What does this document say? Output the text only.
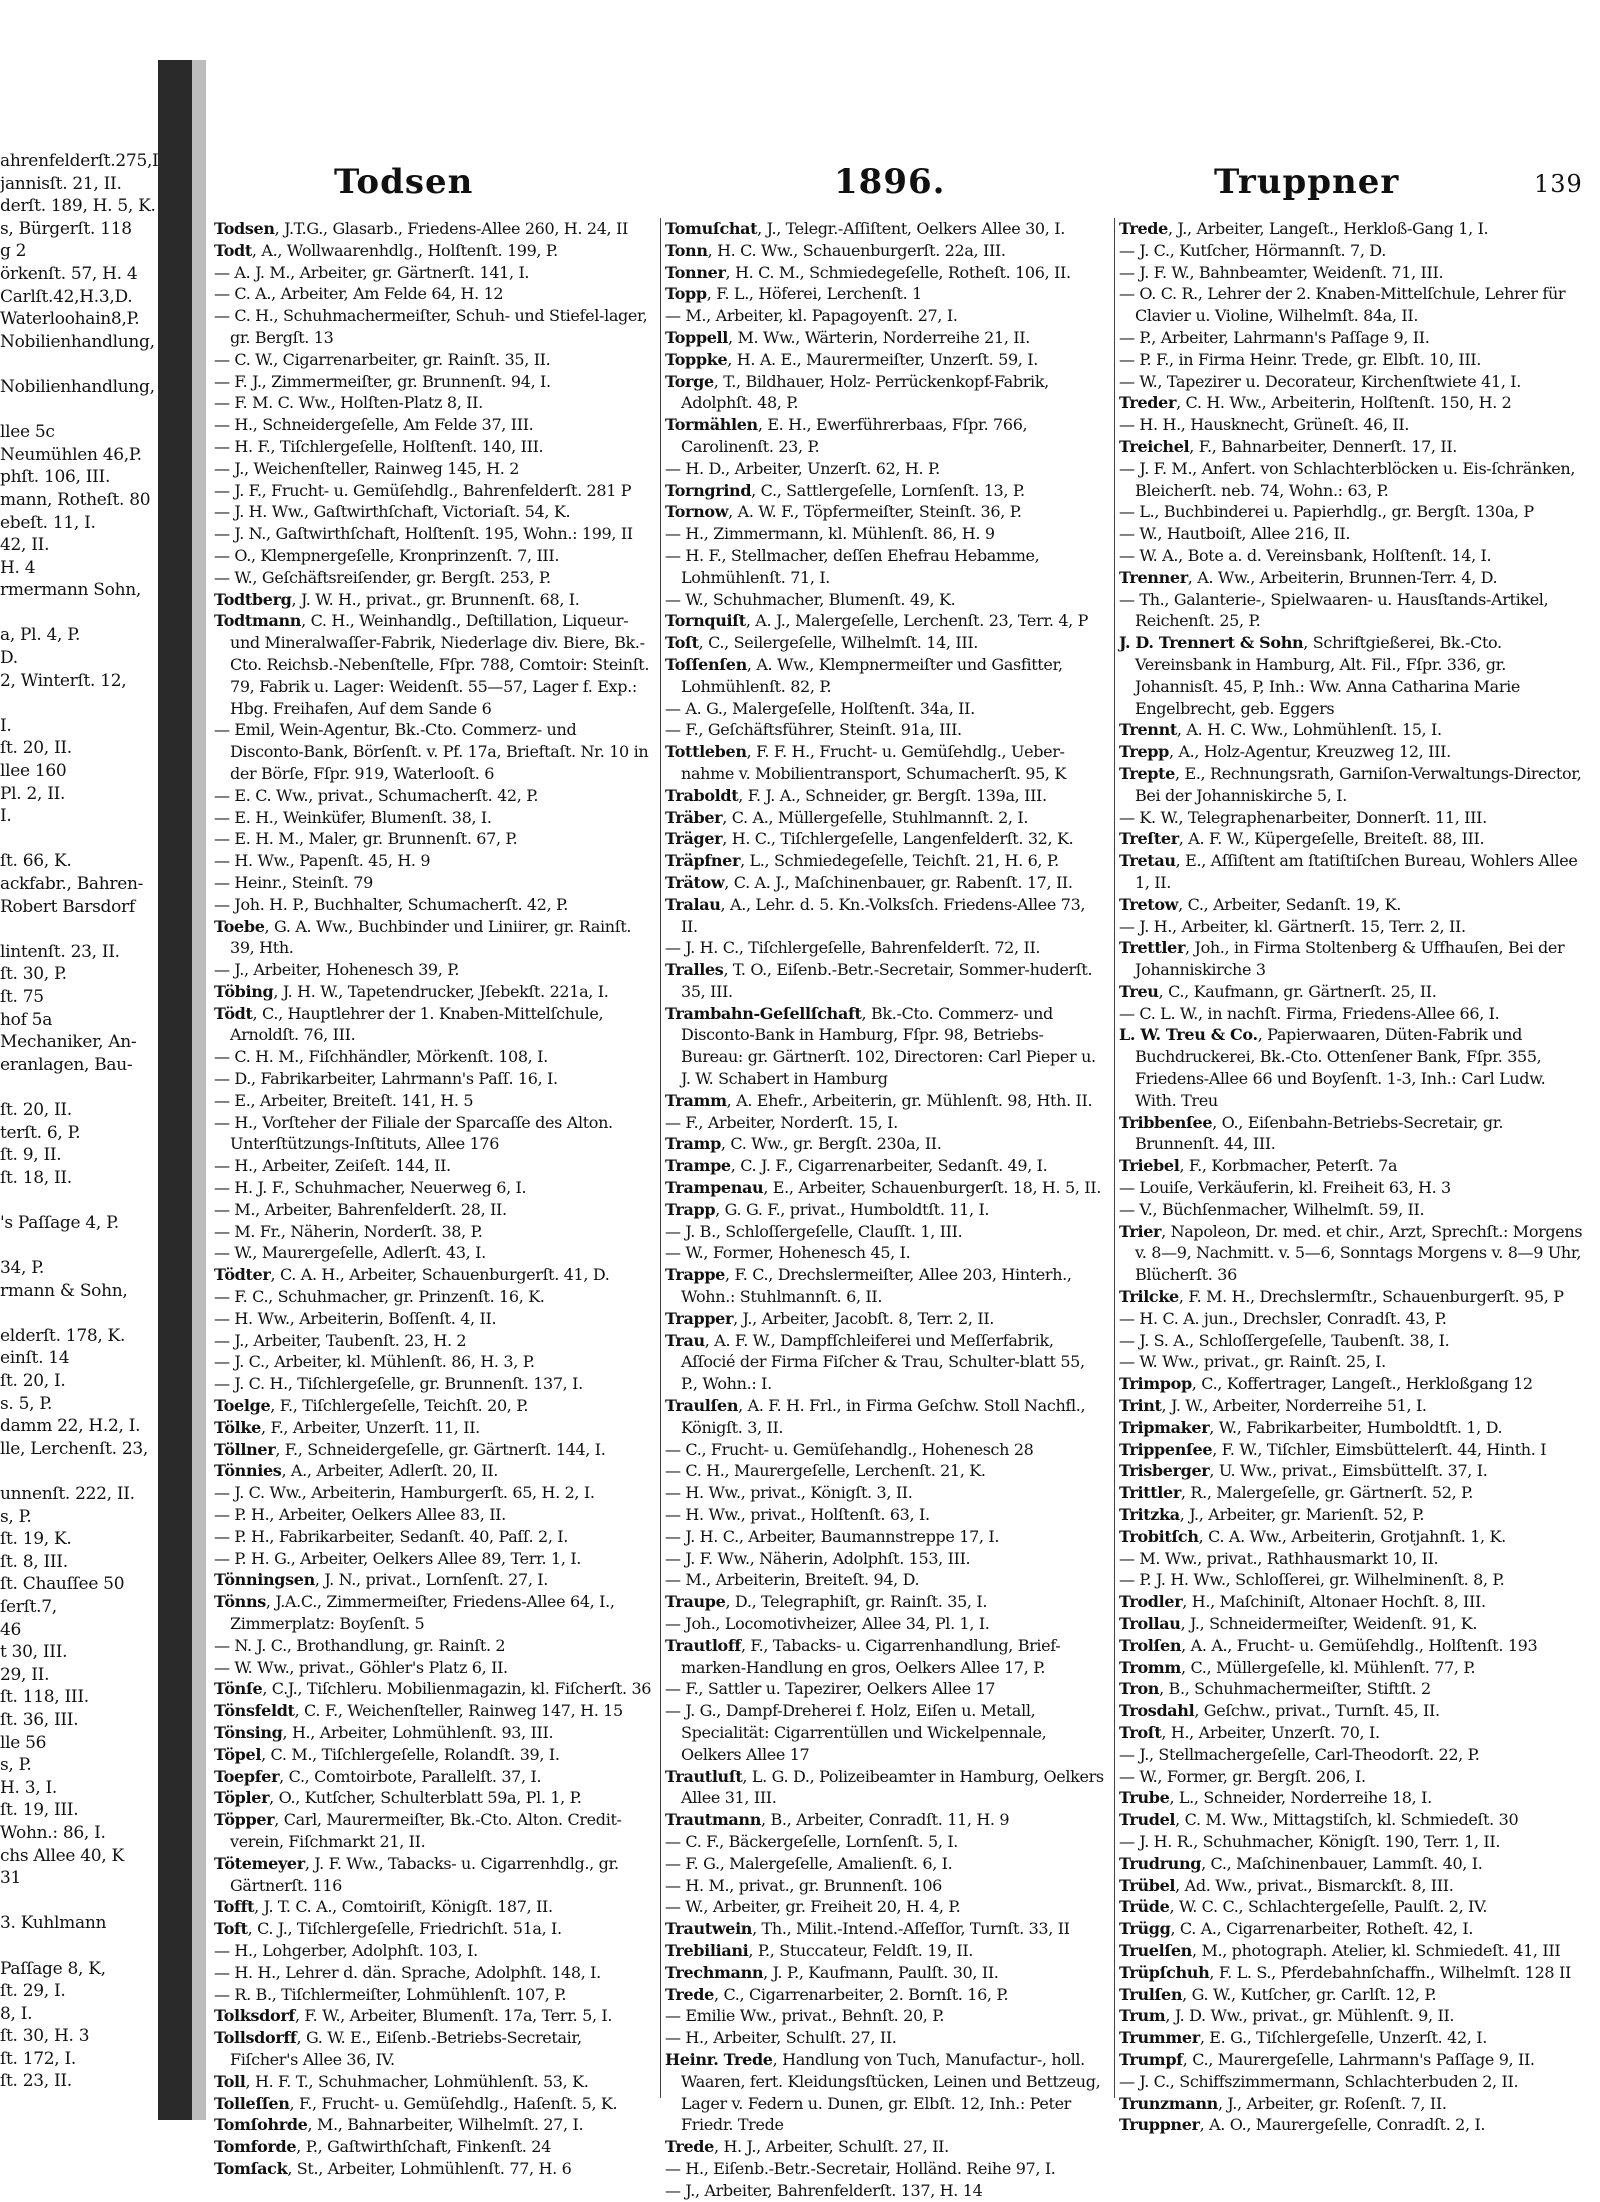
ahrenfelderſt.275,I
jannisſt. 21, II.
derſt. 189, H. 5, K.
s, Bürgerſt. 118
g 2
örkenſt. 57, H. 4
Carlſt.42,H.3,D.
Waterloohain8,P.
Nobilienhandlung,
Nobilienhandlung,
llee 5c
Neumühlen 46,P.
phſt. 106, III.
mann, Rotheſt. 80
ebeſt. 11, I.
42, II.
H. 4
rmermann Sohn,
a, Pl. 4, P.
D.
2, Winterſt. 12,
I.
ſt. 20, II.
llee 160
Pl. 2, II.
I.
ſt. 66, K.
ackfabr., Bahren-
Robert Barsdorf
lintenſt. 23, II.
ſt. 30, P.
ſt. 75
hof 5a
Mechaniker, An-
eranlagen, Bau-
ſt. 20, II.
terſt. 6, P.
ſt. 9, II.
ſt. 18, II.
's Paſſage 4, P.
34, P.
rmann & Sohn,
elderſt. 178, K.
einſt. 14
ſt. 20, I.
s. 5, P.
damm 22, H.2, I.
lle, Lerchenſt. 23,
unnenſt. 222, II.
s, P.
ſt. 19, K.
ſt. 8, III.
ſt. Chauſſee 50
ſerſt.7,
46
t 30, III.
29, II.
ſt. 118, III.
ſt. 36, III.
lle 56
s, P.
H. 3, I.
ſt. 19, III.
Wohn.: 86, I.
chs Allee 40, K
31
3. Kuhlmann
Paſſage 8, K,
ſt. 29, I.
8, I.
ſt. 30, H. 3
ſt. 172, I.
ſt. 23, II.
Todsen	1896.	Truppner	139

Todsen, J.T.G., Glasarb., Friedens-Allee 260, H. 24, II

Todt, A., Wollwaarenhdlg., Holſtenſt. 199, P.

— A. J. M., Arbeiter, gr. Gärtnerſt. 141, I.

— C. A., Arbeiter, Am Felde 64, H. 12

— C. H., Schuhmachermeiſter, Schuh- und Stiefel-lager, gr. Bergſt. 13

— C. W., Cigarrenarbeiter, gr. Rainſt. 35, II.

— F. J., Zimmermeiſter, gr. Brunnenſt. 94, I.

— F. M. C. Ww., Holſten-Platz 8, II.

— H., Schneidergeſelle, Am Felde 37, III.

— H. F., Tiſchlergeſelle, Holſtenſt. 140, III.

— J., Weichenſteller, Rainweg 145, H. 2

— J. F., Frucht- u. Gemüſehdlg., Bahrenfelderſt. 281 P

— J. H. Ww., Gaſtwirthſchaft, Victoriaſt. 54, K.

— J. N., Gaſtwirthſchaft, Holſtenſt. 195, Wohn.: 199, II

— O., Klempnergeſelle, Kronprinzenſt. 7, III.

— W., Geſchäftsreiſender, gr. Bergſt. 253, P.

Todtberg, J. W. H., privat., gr. Brunnenſt. 68, I.

Todtmann, C. H., Weinhandlg., Deſtillation, Liqueur- und Mineralwaſſer-Fabrik, Niederlage div. Biere, Bk.-Cto. Reichsb.-Nebenſtelle, Fſpr. 788, Comtoir: Steinſt. 79, Fabrik u. Lager: Weidenſt. 55—57, Lager f. Exp.: Hbg. Freihafen, Auf dem Sande 6

— Emil, Wein-Agentur, Bk.-Cto. Commerz- und Disconto-Bank, Börſenſt. v. Pf. 17a, Brieftaſt. Nr. 10 in der Börſe, Fſpr. 919, Waterlooſt. 6

— E. C. Ww., privat., Schumacherſt. 42, P.

— E. H., Weinküfer, Blumenſt. 38, I.

— E. H. M., Maler, gr. Brunnenſt. 67, P.

— H. Ww., Papenſt. 45, H. 9

— Heinr., Steinſt. 79

— Joh. H. P., Buchhalter, Schumacherſt. 42, P.

Toebe, G. A. Ww., Buchbinder und Liniirer, gr. Rainſt. 39, Hth.

— J., Arbeiter, Hohenesch 39, P.

Töbing, J. H. W., Tapetendrucker, Jſebekſt. 221a, I.

Tödt, C., Hauptlehrer der 1. Knaben-Mittelſchule, Arnoldſt. 76, III.

— C. H. M., Fiſchhändler, Mörkenſt. 108, I.

— D., Fabrikarbeiter, Lahrmann's Paſſ. 16, I.

— E., Arbeiter, Breiteſt. 141, H. 5

— H., Vorſteher der Filiale der Sparcaſſe des Alton. Unterſtützungs-Inſtituts, Allee 176

— H., Arbeiter, Zeiſeſt. 144, II.

— H. J. F., Schuhmacher, Neuerweg 6, I.

— M., Arbeiter, Bahrenfelderſt. 28, II.

— M. Fr., Näherin, Norderſt. 38, P.

— W., Maurergeſelle, Adlerſt. 43, I.

Tödter, C. A. H., Arbeiter, Schauenburgerſt. 41, D.

— F. C., Schuhmacher, gr. Prinzenſt. 16, K.

— H. Ww., Arbeiterin, Boſſenſt. 4, II.

— J., Arbeiter, Taubenſt. 23, H. 2

— J. C., Arbeiter, kl. Mühlenſt. 86, H. 3, P.

— J. C. H., Tiſchlergeſelle, gr. Brunnenſt. 137, I.

Toelge, F., Tiſchlergeſelle, Teichſt. 20, P.

Tölke, F., Arbeiter, Unzerſt. 11, II.

Töllner, F., Schneidergeſelle, gr. Gärtnerſt. 144, I.

Tönnies, A., Arbeiter, Adlerſt. 20, II.

— J. C. Ww., Arbeiterin, Hamburgerſt. 65, H. 2, I.

— P. H., Arbeiter, Oelkers Allee 83, II.

— P. H., Fabrikarbeiter, Sedanſt. 40, Paſſ. 2, I.

— P. H. G., Arbeiter, Oelkers Allee 89, Terr. 1, I.

Tönningsen, J. N., privat., Lornſenſt. 27, I.

Tönns, J.A.C., Zimmermeiſter, Friedens-Allee 64, I., Zimmerplatz: Boyſenſt. 5

— N. J. C., Brothandlung, gr. Rainſt. 2

— W. Ww., privat., Göhler's Platz 6, II.

Tönſe, C.J., Tiſchleru. Mobilienmagazin, kl. Fiſcherſt. 36

Tönsfeldt, C. F., Weichenſteller, Rainweg 147, H. 15

Tönsing, H., Arbeiter, Lohmühlenſt. 93, III.

Töpel, C. M., Tiſchlergeſelle, Rolandſt. 39, I.

Toepfer, C., Comtoirbote, Parallelſt. 37, I.

Töpler, O., Kutſcher, Schulterblatt 59a, Pl. 1, P.

Töpper, Carl, Maurermeiſter, Bk.-Cto. Alton. Credit-verein, Fiſchmarkt 21, II.

Tötemeyer, J. F. Ww., Tabacks- u. Cigarrenhdlg., gr. Gärtnerſt. 116

Tofft, J. T. C. A., Comtoiriſt, Königſt. 187, II.

Toft, C. J., Tiſchlergeſelle, Friedrichſt. 51a, I.

— H., Lohgerber, Adolphſt. 103, I.

— H. H., Lehrer d. dän. Sprache, Adolphſt. 148, I.

— R. B., Tiſchlermeiſter, Lohmühlenſt. 107, P.

Tolksdorf, F. W., Arbeiter, Blumenſt. 17a, Terr. 5, I.

Tollsdorff, G. W. E., Eiſenb.-Betriebs-Secretair, Fiſcher's Allee 36, IV.

Toll, H. F. T., Schuhmacher, Lohmühlenſt. 53, K.

Tolleſſen, F., Frucht- u. Gemüſehdlg., Haſenſt. 5, K.

Tomſohrde, M., Bahnarbeiter, Wilhelmſt. 27, I.

Tomforde, P., Gaſtwirthſchaft, Finkenſt. 24

Tomſack, St., Arbeiter, Lohmühlenſt. 77, H. 6

Tomuſchat, J., Telegr.-Aſſiſtent, Oelkers Allee 30, I.

Tonn, H. C. Ww., Schauenburgerſt. 22a, III.

Tonner, H. C. M., Schmiedegeſelle, Rotheſt. 106, II.

Topp, F. L., Höferei, Lerchenſt. 1

— M., Arbeiter, kl. Papagoyenſt. 27, I.

Toppell, M. Ww., Wärterin, Norderreihe 21, II.

Toppke, H. A. E., Maurermeiſter, Unzerſt. 59, I.

Torge, T., Bildhauer, Holz- Perrückenkopf-Fabrik, Adolphſt. 48, P.

Tormählen, E. H., Ewerführerbaas, Fſpr. 766, Carolinenſt. 23, P.

— H. D., Arbeiter, Unzerſt. 62, H. P.

Torngrind, C., Sattlergeſelle, Lornſenſt. 13, P.

Tornow, A. W. F., Töpfermeiſter, Steinſt. 36, P.

— H., Zimmermann, kl. Mühlenſt. 86, H. 9

— H. F., Stellmacher, deſſen Ehefrau Hebamme, Lohmühlenſt. 71, I.

— W., Schuhmacher, Blumenſt. 49, K.

Tornquiſt, A. J., Malergeſelle, Lerchenſt. 23, Terr. 4, P

Toſt, C., Seilergeſelle, Wilhelmſt. 14, III.

Toſſenſen, A. Ww., Klempnermeiſter und Gasfitter, Lohmühlenſt. 82, P.

— A. G., Malergeſelle, Holſtenſt. 34a, II.

— F., Geſchäftsführer, Steinſt. 91a, III.

Tottleben, F. F. H., Frucht- u. Gemüſehdlg., Ueber-nahme v. Mobilientransport, Schumacherſt. 95, K

Traboldt, F. J. A., Schneider, gr. Bergſt. 139a, III.

Träber, C. A., Müllergeſelle, Stuhlmannſt. 2, I.

Träger, H. C., Tiſchlergeſelle, Langenfelderſt. 32, K.

Träpfner, L., Schmiedegeſelle, Teichſt. 21, H. 6, P.

Trätow, C. A. J., Maſchinenbauer, gr. Rabenſt. 17, II.

Tralau, A., Lehr. d. 5. Kn.-Volksſch. Friedens-Allee 73, II.

— J. H. C., Tiſchlergeſelle, Bahrenfelderſt. 72, II.

Tralles, T. O., Eiſenb.-Betr.-Secretair, Sommer-huderſt. 35, III.

Trambahn-Geſellſchaft, Bk.-Cto. Commerz- und Disconto-Bank in Hamburg, Fſpr. 98, Betriebs-Bureau: gr. Gärtnerſt. 102, Directoren: Carl Pieper u. J. W. Schabert in Hamburg

Tramm, A. Ehefr., Arbeiterin, gr. Mühlenſt. 98, Hth. II.

— F., Arbeiter, Norderſt. 15, I.

Tramp, C. Ww., gr. Bergſt. 230a, II.

Trampe, C. J. F., Cigarrenarbeiter, Sedanſt. 49, I.

Trampenau, E., Arbeiter, Schauenburgerſt. 18, H. 5, II.

Trapp, G. G. F., privat., Humboldtſt. 11, I.

— J. B., Schloſſergeſelle, Clauſſt. 1, III.

— W., Former, Hohenesch 45, I.

Trappe, F. C., Drechslermeiſter, Allee 203, Hinterh., Wohn.: Stuhlmannſt. 6, II.

Trapper, J., Arbeiter, Jacobſt. 8, Terr. 2, II.

Trau, A. F. W., Dampfſchleiferei und Meſſerfabrik, Aſſocié der Firma Fiſcher & Trau, Schulter-blatt 55, P., Wohn.: I.

Traulſen, A. F. H. Frl., in Firma Geſchw. Stoll Nachfl., Königſt. 3, II.

— C., Frucht- u. Gemüſehandlg., Hohenesch 28

— C. H., Maurergeſelle, Lerchenſt. 21, K.

— H. Ww., privat., Königſt. 3, II.

— H. Ww., privat., Holſtenſt. 63, I.

— J. H. C., Arbeiter, Baumannstreppe 17, I.

— J. F. Ww., Näherin, Adolphſt. 153, III.

— M., Arbeiterin, Breiteſt. 94, D.

Traupe, D., Telegraphiſt, gr. Rainſt. 35, I.

— Joh., Locomotivheizer, Allee 34, Pl. 1, I.

Trautloff, F., Tabacks- u. Cigarrenhandlung, Brief-marken-Handlung en gros, Oelkers Allee 17, P.

— F., Sattler u. Tapezirer, Oelkers Allee 17

— J. G., Dampf-Dreherei f. Holz, Eiſen u. Metall, Specialität: Cigarrentüllen und Wickelpennale, Oelkers Allee 17

Trautluſt, L. G. D., Polizeibeamter in Hamburg, Oelkers Allee 31, III.

Trautmann, B., Arbeiter, Conradſt. 11, H. 9

— C. F., Bäckergeſelle, Lornſenſt. 5, I.

— F. G., Malergeſelle, Amalienſt. 6, I.

— H. M., privat., gr. Brunnenſt. 106

— W., Arbeiter, gr. Freiheit 20, H. 4, P.

Trautwein, Th., Milit.-Intend.-Aſſeſſor, Turnſt. 33, II

Trebiliani, P., Stuccateur, Feldſt. 19, II.

Trechmann, J. P., Kaufmann, Paulſt. 30, II.

Trede, C., Cigarrenarbeiter, 2. Bornſt. 16, P.

— Emilie Ww., privat., Behnſt. 20, P.

— H., Arbeiter, Schulſt. 27, II.

Heinr. Trede, Handlung von Tuch, Manufactur-, holl. Waaren, fert. Kleidungsſtücken, Leinen und Bettzeug, Lager v. Federn u. Dunen, gr. Elbſt. 12, Inh.: Peter Friedr. Trede

Trede, H. J., Arbeiter, Schulſt. 27, II.

— H., Eiſenb.-Betr.-Secretair, Holländ. Reihe 97, I.

— J., Arbeiter, Bahrenfelderſt. 137, H. 14

Trede, J., Arbeiter, Langeſt., Herkloß-Gang 1, I.

— J. C., Kutſcher, Hörmannſt. 7, D.

— J. F. W., Bahnbeamter, Weidenſt. 71, III.

— O. C. R., Lehrer der 2. Knaben-Mittelſchule, Lehrer für Clavier u. Violine, Wilhelmſt. 84a, II.

— P., Arbeiter, Lahrmann's Paſſage 9, II.

— P. F., in Firma Heinr. Trede, gr. Elbſt. 10, III.

— W., Tapezirer u. Decorateur, Kirchenſtwiete 41, I.

Treder, C. H. Ww., Arbeiterin, Holſtenſt. 150, H. 2

— H. H., Hausknecht, Grüneſt. 46, II.

Treichel, F., Bahnarbeiter, Dennerſt. 17, II.

— J. F. M., Anfert. von Schlachterblöcken u. Eis-ſchränken, Bleicherſt. neb. 74, Wohn.: 63, P.

— L., Buchbinderei u. Papierhdlg., gr. Bergſt. 130a, P

— W., Hautboiſt, Allee 216, II.

— W. A., Bote a. d. Vereinsbank, Holſtenſt. 14, I.

Trenner, A. Ww., Arbeiterin, Brunnen-Terr. 4, D.

— Th., Galanterie-, Spielwaaren- u. Hausſtands-Artikel, Reichenſt. 25, P.

J. D. Trennert & Sohn, Schriftgießerei, Bk.-Cto. Vereinsbank in Hamburg, Alt. Fil., Fſpr. 336, gr. Johannisſt. 45, P, Inh.: Ww. Anna Catharina Marie Engelbrecht, geb. Eggers

Trennt, A. H. C. Ww., Lohmühlenſt. 15, I.

Trepp, A., Holz-Agentur, Kreuzweg 12, III.

Trepte, E., Rechnungsrath, Garniſon-Verwaltungs-Director, Bei der Johanniskirche 5, I.

— K. W., Telegraphenarbeiter, Donnerſt. 11, III.

Treſter, A. F. W., Küpergeſelle, Breiteſt. 88, III.

Tretau, E., Aſſiſtent am ſtatiſtiſchen Bureau, Wohlers Allee 1, II.

Tretow, C., Arbeiter, Sedanſt. 19, K.

— J. H., Arbeiter, kl. Gärtnerſt. 15, Terr. 2, II.

Trettler, Joh., in Firma Stoltenberg & Uffhauſen, Bei der Johanniskirche 3

Treu, C., Kaufmann, gr. Gärtnerſt. 25, II.

— C. L. W., in nachſt. Firma, Friedens-Allee 66, I.

L. W. Treu & Co., Papierwaaren, Düten-Fabrik und Buchdruckerei, Bk.-Cto. Ottenſener Bank, Fſpr. 355, Friedens-Allee 66 und Boyſenſt. 1-3, Inh.: Carl Ludw. With. Treu

Tribbenſee, O., Eiſenbahn-Betriebs-Secretair, gr. Brunnenſt. 44, III.

Triebel, F., Korbmacher, Peterſt. 7a

— Louiſe, Verkäuferin, kl. Freiheit 63, H. 3

— V., Büchſenmacher, Wilhelmſt. 59, II.

Trier, Napoleon, Dr. med. et chir., Arzt, Sprechſt.: Morgens v. 8—9, Nachmitt. v. 5—6, Sonntags Morgens v. 8—9 Uhr, Blücherſt. 36

Trilcke, F. M. H., Drechslermſtr., Schauenburgerſt. 95, P

— H. C. A. jun., Drechsler, Conradſt. 43, P.

— J. S. A., Schloſſergeſelle, Taubenſt. 38, I.

— W. Ww., privat., gr. Rainſt. 25, I.

Trimpop, C., Koffertrager, Langeſt., Herkloßgang 12

Trint, J. W., Arbeiter, Norderreihe 51, I.

Tripmaker, W., Fabrikarbeiter, Humboldtſt. 1, D.

Trippenſee, F. W., Tiſchler, Eimsbüttelerſt. 44, Hinth. I

Trisberger, U. Ww., privat., Eimsbüttelſt. 37, I.

Trittler, R., Malergeſelle, gr. Gärtnerſt. 52, P.

Tritzka, J., Arbeiter, gr. Marienſt. 52, P.

Trobitſch, C. A. Ww., Arbeiterin, Grotjahnſt. 1, K.

— M. Ww., privat., Rathhausmarkt 10, II.

— P. J. H. Ww., Schloſſerei, gr. Wilhelminenſt. 8, P.

Trodler, H., Maſchiniſt, Altonaer Hochſt. 8, III.

Trollau, J., Schneidermeiſter, Weidenſt. 91, K.

Trolſen, A. A., Frucht- u. Gemüſehdlg., Holſtenſt. 193

Tromm, C., Müllergeſelle, kl. Mühlenſt. 77, P.

Tron, B., Schuhmachermeiſter, Stiftſt. 2

Trosdahl, Geſchw., privat., Turnſt. 45, II.

Troſt, H., Arbeiter, Unzerſt. 70, I.

— J., Stellmachergeſelle, Carl-Theodorſt. 22, P.

— W., Former, gr. Bergſt. 206, I.

Trube, L., Schneider, Norderreihe 18, I.

Trudel, C. M. Ww., Mittagstiſch, kl. Schmiedeſt. 30

— J. H. R., Schuhmacher, Königſt. 190, Terr. 1, II.

Trudrung, C., Maſchinenbauer, Lammſt. 40, I.

Trübel, Ad. Ww., privat., Bismarckſt. 8, III.

Trüde, W. C. C., Schlachtergeſelle, Paulſt. 2, IV.

Trügg, C. A., Cigarrenarbeiter, Rotheſt. 42, I.

Truelſen, M., photograph. Atelier, kl. Schmiedeſt. 41, III

Trüpſchuh, F. L. S., Pferdebahnſchaffn., Wilhelmſt. 128 II

Trulſen, G. W., Kutſcher, gr. Carlſt. 12, P.

Trum, J. D. Ww., privat., gr. Mühlenſt. 9, II.

Trummer, E. G., Tiſchlergeſelle, Unzerſt. 42, I.

Trumpf, C., Maurergeſelle, Lahrmann's Paſſage 9, II.

— J. C., Schiffszimmermann, Schlachterbuden 2, II.

Trunzmann, J., Arbeiter, gr. Roſenſt. 7, II.

Truppner, A. O., Maurergeſelle, Conradſt. 2, I.
